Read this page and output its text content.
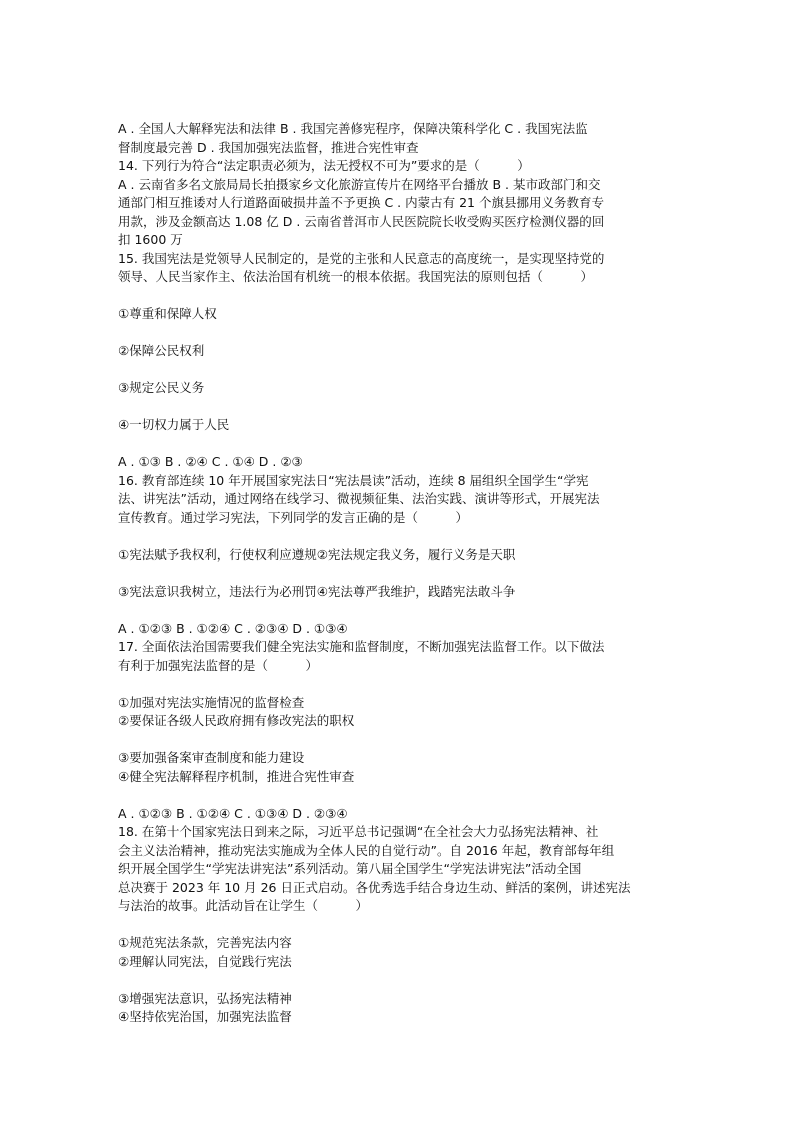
A . 全国人大解释宪法和法律 B . 我国完善修宪程序，保障决策科学化 C . 我国宪法监
督制度最完善 D . 我国加强宪法监督，推进合宪性审查
14. 下列行为符合“法定职责必须为，法无授权不可为”要求的是（　　　）
A . 云南省多名文旅局局长拍摄家乡文化旅游宣传片在网络平台播放 B . 某市政部门和交
通部门相互推诿对人行道路面破损井盖不予更换 C . 内蒙古有 21 个旗县挪用义务教育专
用款，涉及金额高达 1.08 亿 D . 云南省普洱市人民医院院长收受购买医疗检测仪器的回
扣 1600 万
15. 我国宪法是党领导人民制定的，是党的主张和人民意志的高度统一，是实现坚持党的
领导、人民当家作主、依法治国有机统一的根本依据。我国宪法的原则包括（　　　）
①尊重和保障人权
②保障公民权利
③规定公民义务
④一切权力属于人民
A . ①③ B . ②④ C . ①④ D . ②③
16. 教育部连续 10 年开展国家宪法日“宪法晨读”活动，连续 8 届组织全国学生“学宪
法、讲宪法”活动，通过网络在线学习、微视频征集、法治实践、演讲等形式，开展宪法
宣传教育。通过学习宪法，下列同学的发言正确的是（　　　）
①宪法赋予我权利，行使权利应遵规②宪法规定我义务，履行义务是天职
③宪法意识我树立，违法行为必刑罚④宪法尊严我维护，践踏宪法敢斗争
A . ①②③ B . ①②④ C . ②③④ D . ①③④
17. 全面依法治国需要我们健全宪法实施和监督制度，不断加强宪法监督工作。以下做法
有利于加强宪法监督的是（　　　）
①加强对宪法实施情况的监督检查
②要保证各级人民政府拥有修改宪法的职权
③要加强备案审查制度和能力建设
④健全宪法解释程序机制，推进合宪性审查
A . ①②③ B . ①②④ C . ①③④ D . ②③④
18. 在第十个国家宪法日到来之际，习近平总书记强调“在全社会大力弘扬宪法精神、社
会主义法治精神，推动宪法实施成为全体人民的自觉行动”。自 2016 年起，教育部每年组
织开展全国学生“学宪法讲宪法”系列活动。第八届全国学生“学宪法讲宪法”活动全国
总决赛于 2023 年 10 月 26 日正式启动。各优秀选手结合身边生动、鲜活的案例，讲述宪法
与法治的故事。此活动旨在让学生（　　　）
①规范宪法条款，完善宪法内容
②理解认同宪法，自觉践行宪法
③增强宪法意识，弘扬宪法精神
④坚持依宪治国，加强宪法监督
